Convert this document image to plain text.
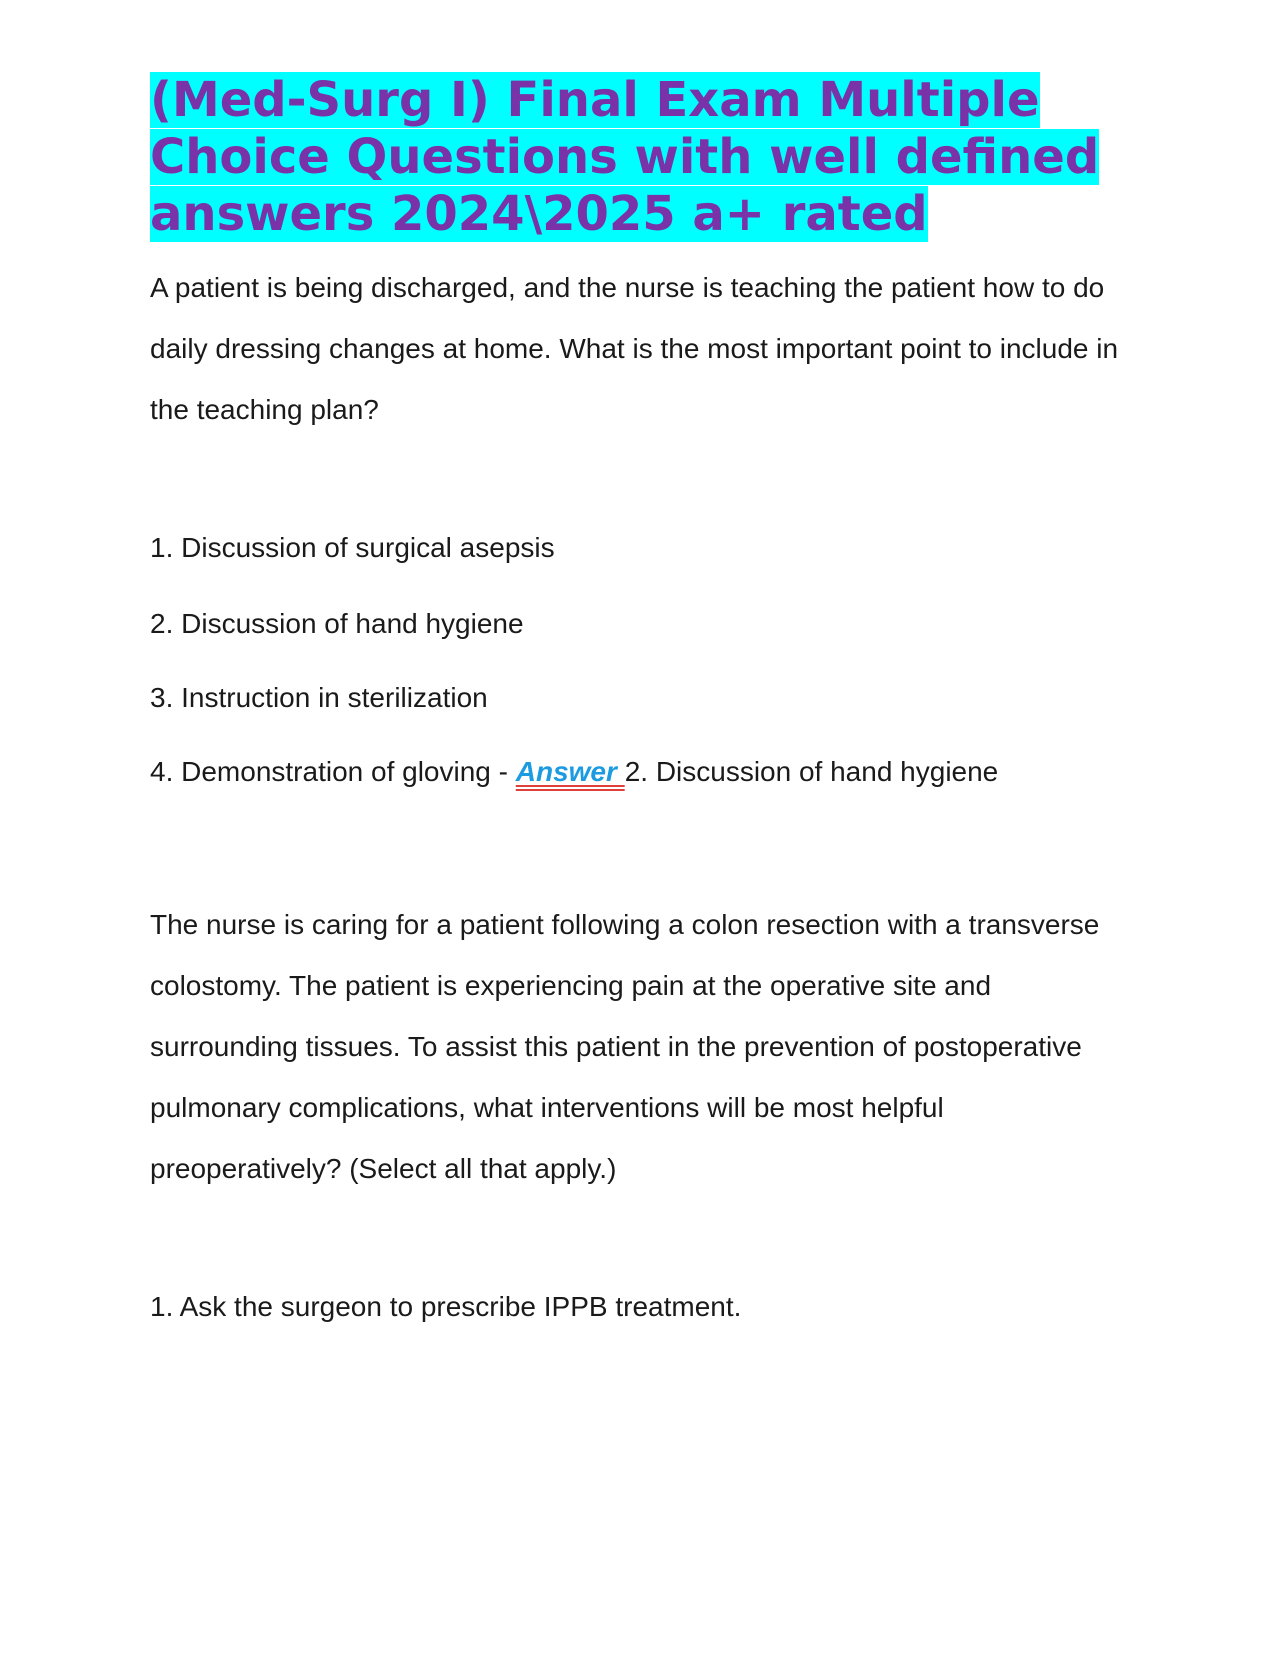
(Med-Surg I) Final Exam Multiple Choice Questions with well defined answers 2024\2025 a+ rated

A patient is being discharged, and the nurse is teaching the patient how to do daily dressing changes at home. What is the most important point to include in the teaching plan?

1. Discussion of surgical asepsis

2. Discussion of hand hygiene

3. Instruction in sterilization

4. Demonstration of gloving - Answer 2. Discussion of hand hygiene

The nurse is caring for a patient following a colon resection with a transverse colostomy. The patient is experiencing pain at the operative site and surrounding tissues. To assist this patient in the prevention of postoperative pulmonary complications, what interventions will be most helpful preoperatively? (Select all that apply.)

1. Ask the surgeon to prescribe IPPB treatment.
